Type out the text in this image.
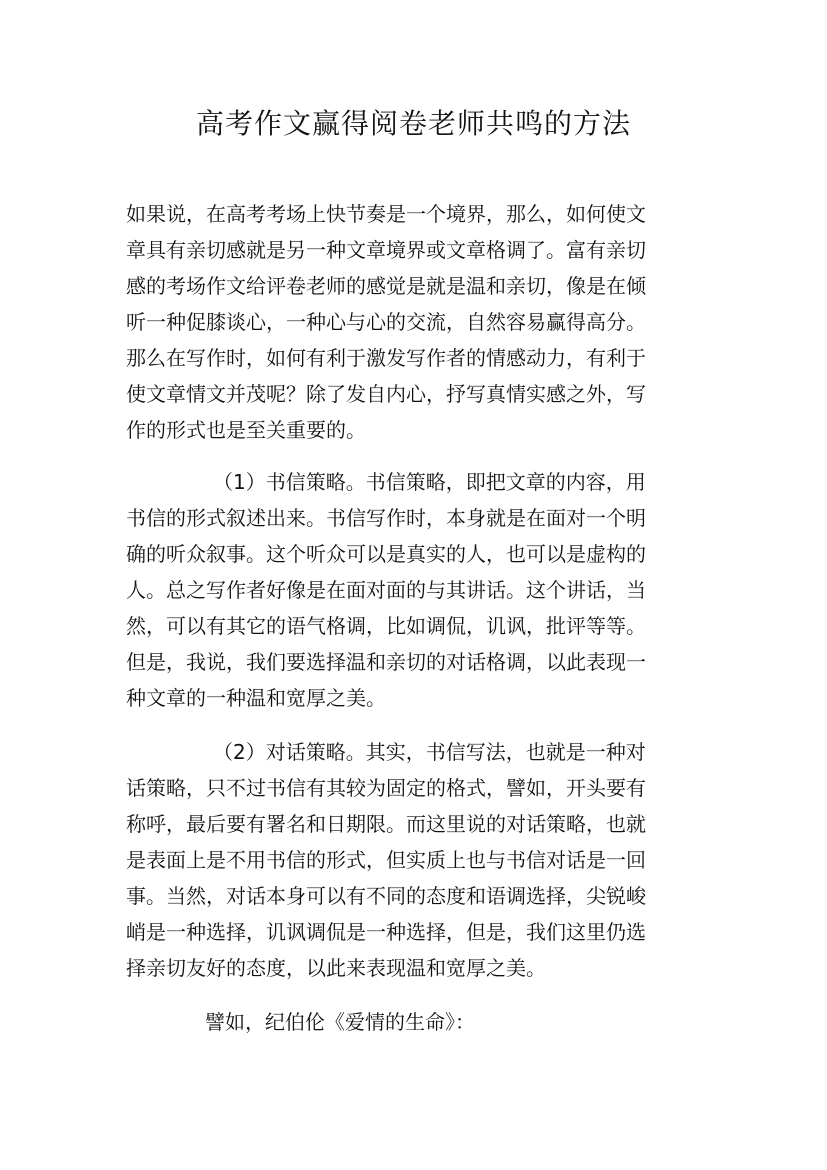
高考作文赢得阅卷老师共鸣的方法
如果说，在高考考场上快节奏是一个境界，那么，如何使文
章具有亲切感就是另一种文章境界或文章格调了。富有亲切
感的考场作文给评卷老师的感觉是就是温和亲切，像是在倾
听一种促膝谈心，一种心与心的交流，自然容易赢得高分。
那么在写作时，如何有利于激发写作者的情感动力，有利于
使文章情文并茂呢？除了发自内心，抒写真情实感之外，写
作的形式也是至关重要的。
（1）书信策略。书信策略，即把文章的内容，用
书信的形式叙述出来。书信写作时，本身就是在面对一个明
确的听众叙事。这个听众可以是真实的人，也可以是虚构的
人。总之写作者好像是在面对面的与其讲话。这个讲话，当
然，可以有其它的语气格调，比如调侃，讥讽，批评等等。
但是，我说，我们要选择温和亲切的对话格调，以此表现一
种文章的一种温和宽厚之美。
（2）对话策略。其实，书信写法，也就是一种对
话策略，只不过书信有其较为固定的格式，譬如，开头要有
称呼，最后要有署名和日期限。而这里说的对话策略，也就
是表面上是不用书信的形式，但实质上也与书信对话是一回
事。当然，对话本身可以有不同的态度和语调选择，尖锐峻
峭是一种选择，讥讽调侃是一种选择，但是，我们这里仍选
择亲切友好的态度，以此来表现温和宽厚之美。
譬如，纪伯伦《爱情的生命》：
